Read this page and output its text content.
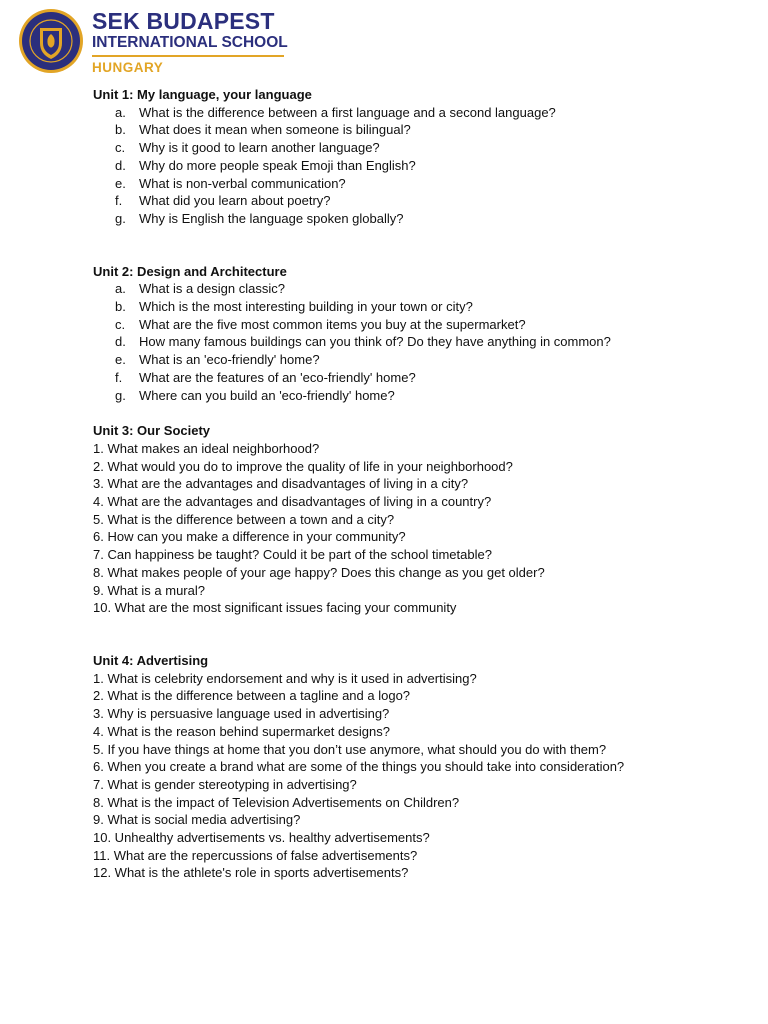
SEK BUDAPEST
INTERNATIONAL SCHOOL
HUNGARY
Unit 1: My language, your language
a. What is the difference between a first language and a second language?
b. What does it mean when someone is bilingual?
c. Why is it good to learn another language?
d. Why do more people speak Emoji than English?
e. What is non-verbal communication?
f. What did you learn about poetry?
g. Why is English the language spoken globally?
Unit 2: Design and Architecture
a. What is a design classic?
b. Which is the most interesting building in your town or city?
c. What are the five most common items you buy at the supermarket?
d. How many famous buildings can you think of? Do they have anything in common?
e. What is an 'eco-friendly' home?
f. What are the features of an 'eco-friendly' home?
g. Where can you build an 'eco-friendly' home?
Unit 3: Our Society
1. What makes an ideal neighborhood?
2. What would you do to improve the quality of life in your neighborhood?
3. What are the advantages and disadvantages of living in a city?
4. What are the advantages and disadvantages of living in a country?
5. What is the difference between a town and a city?
6. How can you make a difference in your community?
7. Can happiness be taught? Could it be part of the school timetable?
8. What makes people of your age happy? Does this change as you get older?
9. What is a mural?
10. What are the most significant issues facing your community
Unit 4: Advertising
1. What is celebrity endorsement and why is it used in advertising?
2. What is the difference between a tagline and a logo?
3. Why is persuasive language used in advertising?
4. What is the reason behind supermarket designs?
5. If you have things at home that you don’t use anymore, what should you do with them?
6. When you create a brand what are some of the things you should take into consideration?
7. What is gender stereotyping in advertising?
8. What is the impact of Television Advertisements on Children?
9. What is social media advertising?
10. Unhealthy advertisements vs. healthy advertisements?
11. What are the repercussions of false advertisements?
12. What is the athlete's role in sports advertisements?
